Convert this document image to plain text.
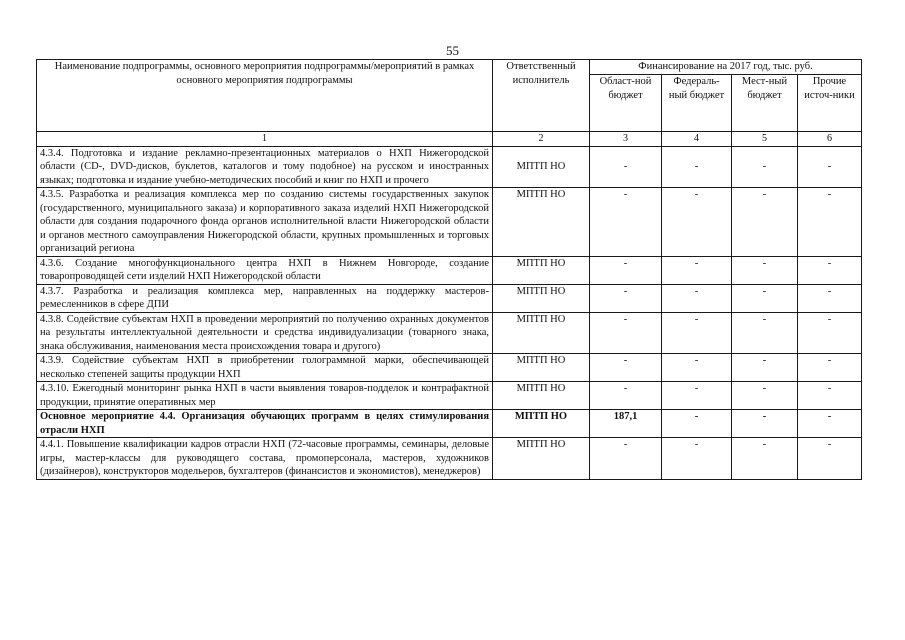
55
Наименование подпрограммы, основного мероприятия подпрограммы/мероприятий в рамках основного мероприятия подпрограммы	Ответственный исполнитель	Финансирование на 2017 год, тыс. руб.			
		Област-ной бюджет	Федераль-ный бюджет	Мест-ный бюджет	Прочие источ-ники
1	2	3	4	5	6
4.3.4. Подготовка и издание рекламно-презентационных материалов о НХП Нижегородской области (CD-, DVD-дисков, буклетов, каталогов и тому подобное) на русском и иностранных языках; подготовка и издание учебно-методических пособий и книг по НХП и прочего	МПТП НО	-	-	-	-
4.3.5. Разработка и реализация комплекса мер по созданию системы государственных закупок (государственного, муниципального заказа) и корпоративного заказа изделий НХП Нижегородской области для создания подарочного фонда органов исполнительной власти Нижегородской области и органов местного самоуправления Нижегородской области, крупных промышленных и торговых организаций региона	МПТП НО	-	-	-	-
4.3.6. Создание многофункционального центра НХП в Нижнем Новгороде, создание товаропроводящей сети изделий НХП Нижегородской области	МПТП НО	-	-	-	-
4.3.7. Разработка и реализация комплекса мер, направленных на поддержку мастеров-ремесленников в сфере ДПИ	МПТП НО	-	-	-	-
4.3.8. Содействие субъектам НХП в проведении мероприятий по получению охранных документов на результаты интеллектуальной деятельности и средства индивидуализации (товарного знака, знака обслуживания, наименования места происхождения товара и другого)	МПТП НО	-	-	-	-
4.3.9. Содействие субъектам НХП в приобретении голограммной марки, обеспечивающей несколько степеней защиты продукции НХП	МПТП НО	-	-	-	-
4.3.10. Ежегодный мониторинг рынка НХП в части выявления товаров-подделок и контрафактной продукции, принятие оперативных мер	МПТП НО	-	-	-	-
Основное мероприятие 4.4. Организация обучающих программ в целях стимулирования отрасли НХП	МПТП НО	187,1	-	-	-
4.4.1. Повышение квалификации кадров отрасли НХП (72-часовые программы, семинары, деловые игры, мастер-классы для руководящего состава, промоперсонала, мастеров, художников (дизайнеров), конструкторов модельеров, бухгалтеров (финансистов и экономистов), менеджеров)	МПТП НО	-	-	-	-
